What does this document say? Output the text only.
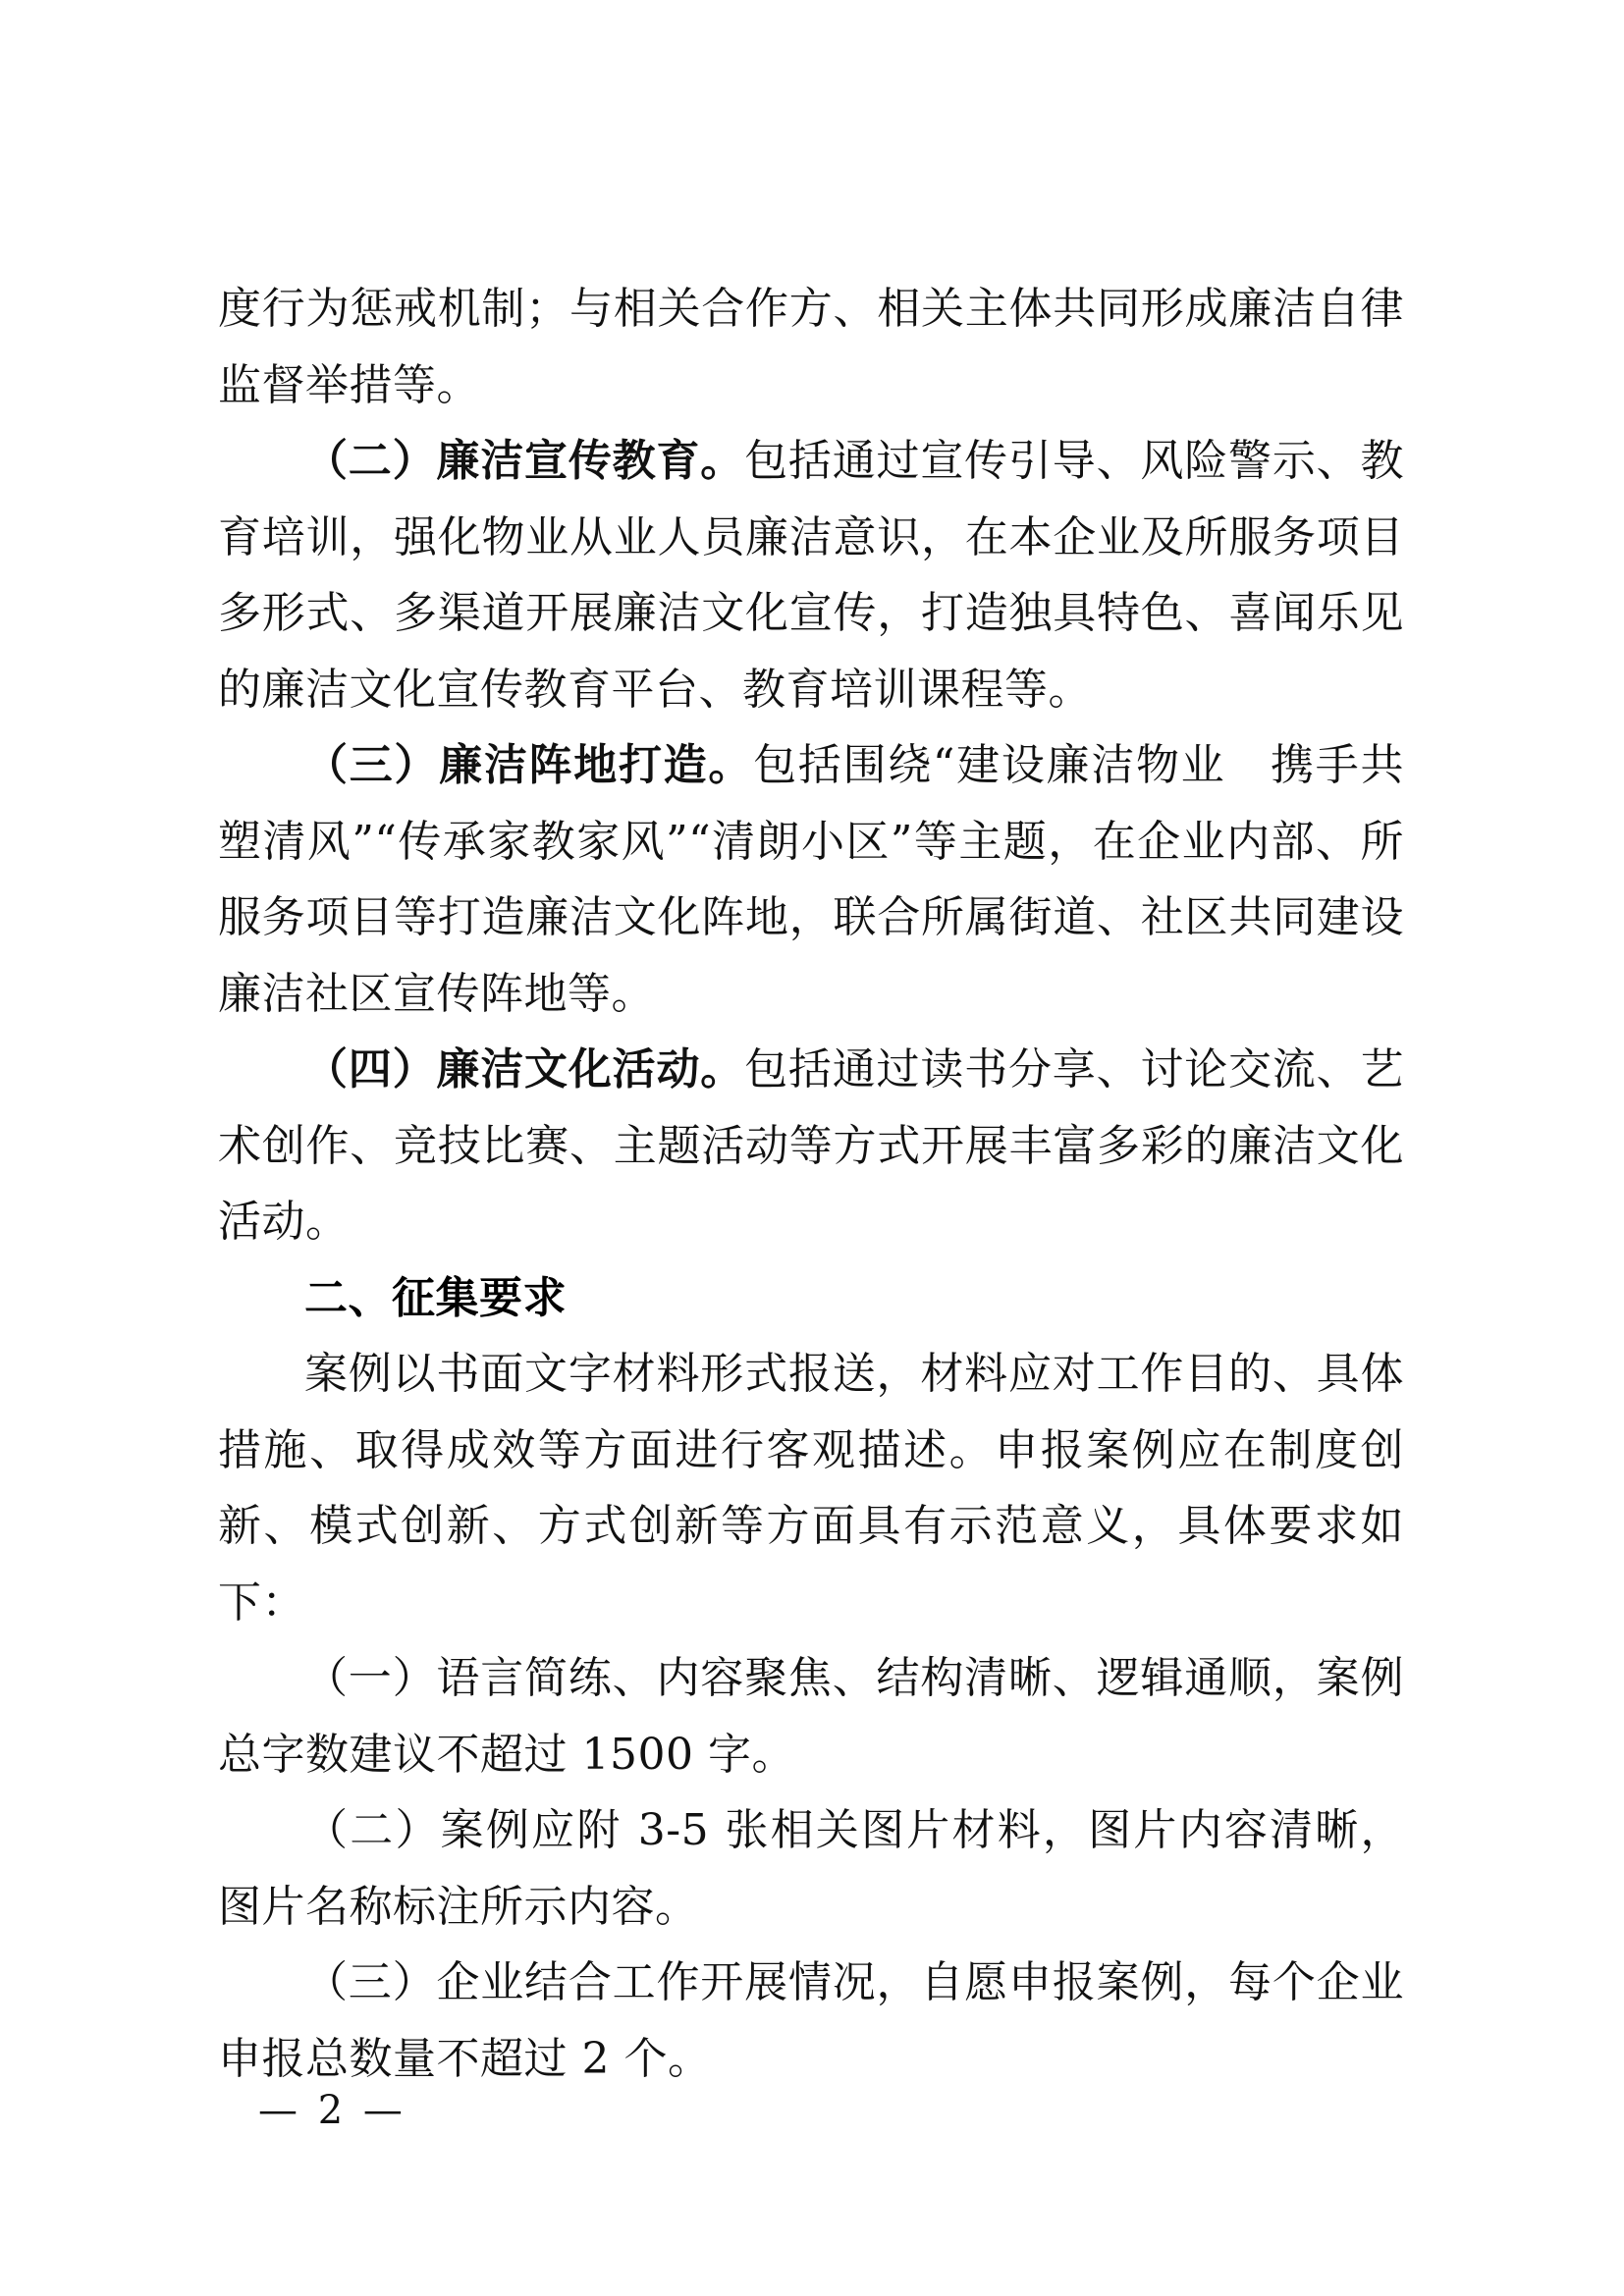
度行为惩戒机制；与相关合作方、相关主体共同形成廉洁自律监督举措等。

（二）廉洁宣传教育。包括通过宣传引导、风险警示、教育培训，强化物业从业人员廉洁意识，在本企业及所服务项目多形式、多渠道开展廉洁文化宣传，打造独具特色、喜闻乐见的廉洁文化宣传教育平台、教育培训课程等。

（三）廉洁阵地打造。包括围绕“建设廉洁物业　携手共塑清风”“传承家教家风”“清朗小区”等主题，在企业内部、所服务项目等打造廉洁文化阵地，联合所属街道、社区共同建设廉洁社区宣传阵地等。

（四）廉洁文化活动。包括通过读书分享、讨论交流、艺术创作、竞技比赛、主题活动等方式开展丰富多彩的廉洁文化活动。

二、征集要求

案例以书面文字材料形式报送，材料应对工作目的、具体措施、取得成效等方面进行客观描述。申报案例应在制度创新、模式创新、方式创新等方面具有示范意义，具体要求如下：

（一）语言简练、内容聚焦、结构清晰、逻辑通顺，案例总字数建议不超过 1500 字。

（二）案例应附 3-5 张相关图片材料，图片内容清晰，图片名称标注所示内容。

（三）企业结合工作开展情况，自愿申报案例，每个企业申报总数量不超过 2 个。

— 2 —
